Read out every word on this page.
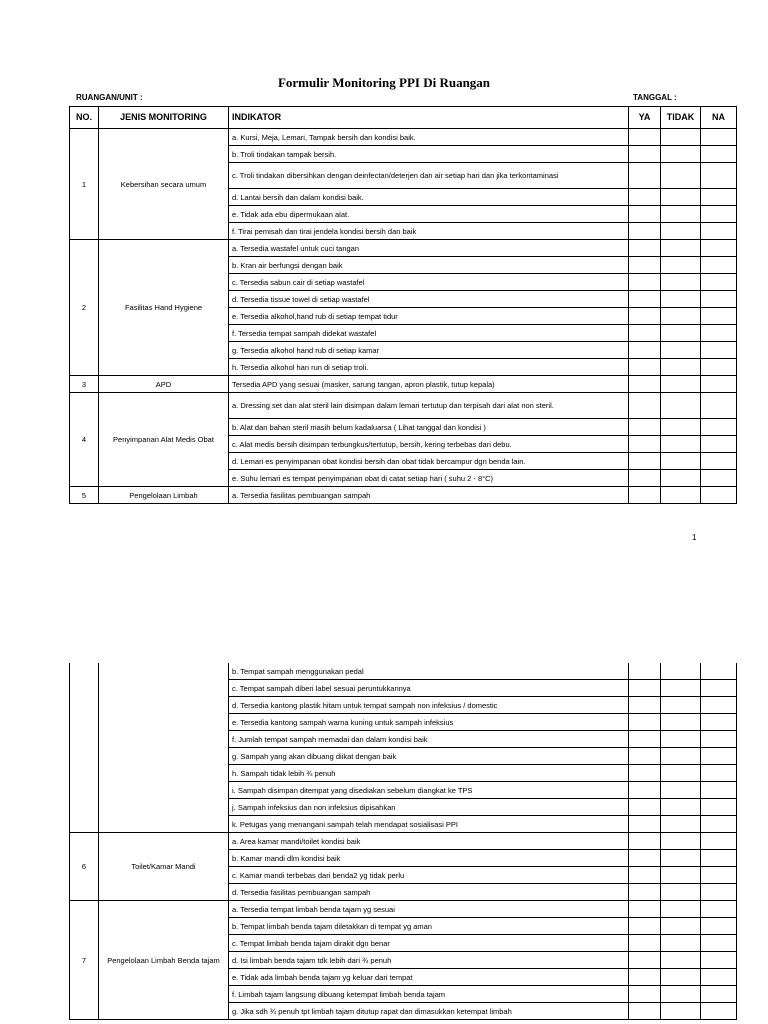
Formulir Monitoring PPI Di Ruangan
RUANGAN/UNIT :	TANGGAL :
NO.	JENIS MONITORING	INDIKATOR	YA	TIDAK	NA
1	Kebersihan secara umum	a. Kursi, Meja, Lemari, Tampak bersih dan kondisi baik.			
		b. Troli tindakan tampak bersih.			
		c. Troli tindakan dibersihkan dengan deinfectan/deterjen dan air setiap hari dan jika terkontaminasi			
		d. Lantai bersih dan dalam kondisi baik.			
		e. Tidak ada ebu dipermukaan alat.			
		f. Tirai pemisah dan tirai jendela kondisi bersih dan baik			
2	Fasilitas Hand Hygiene	a. Tersedia wastafel untuk cuci tangan			
		b. Kran air berfungsi dengan baik			
		c. Tersedia sabun cair di setiap wastafel			
		d. Tersedia tissue towel di setiap wastafel			
		e. Tersedia alkohol,hand rub di setiap tempat tidur			
		f. Tersedia tempat sampah didekat wastafel			
		g. Tersedia alkohol hand rub di setiap kamar			
		h. Tersedia alkohol han run di setiap troli.			
3	APD	Tersedia APD yang sesuai (masker, sarung tangan, apron plastik, tutup kepala)			
4	Penyimpanan Alat Medis Obat	a. Dressing set dan alat steril lain disimpan dalam lemari tertutup dan terpisah dari alat non steril.			
		b. Alat dan bahan steril masih belum kadaluarsa ( Lihat tanggal dan kondisi )			
		c. Alat medis bersih disimpan terbungkus/tertutup, bersih, kering terbebas dari debu.			
		d. Lemari es penyimpanan obat kondisi bersih dan obat tidak bercampur dgn benda lain.			
		e. Suhu lemari es tempat penyimpanan obat di catat setiap hari ( suhu 2 - 8°C)			
5	Pengelolaan Limbah	a. Tersedia fasilitas pembuangan sampah			
1
		b. Tempat sampah menggunakan pedal			
		c. Tempat sampah diberi label sesuai peruntukkannya			
		d. Tersedia kantong plastik hitam untuk tempat sampah non infeksius / domestic			
		e. Tersedia kantong sampah warna kuning untuk sampah infeksius			
		f. Jumlah tempat sampah memadai dan dalam kondisi baik			
		g. Sampah yang akan dibuang diikat dengan baik			
		h. Sampah tidak lebih ¾ penuh			
		i. Sampah disimpan ditempat yang disediakan sebelum diangkat ke TPS			
		j. Sampah infeksius dan non infeksius dipisahkan			
		k. Petugas yang menangani sampah telah mendapat sosialisasi PPI			
6	Toilet/Kamar Mandi	a. Area kamar mandi/toilet kondisi baik			
		b. Kamar mandi dlm kondisi baik			
		c. Kamar mandi terbebas dari benda2 yg tidak perlu			
		d. Tersedia fasilitas pembuangan sampah			
7	Pengelolaan Limbah Benda tajam	a. Tersedia tempat limbah benda tajam yg sesuai			
		b. Tempat limbah benda tajam diletakkan di tempat yg aman			
		c. Tempat limbah benda tajam dirakit dgn benar			
		d. Isi limbah benda tajam tdk lebih dari ¾ penuh			
		e. Tidak ada limbah benda tajam yg keluar dari tempat			
		f. Limbah tajam langsung dibuang ketempat limbah benda tajam			
		g. Jika sdh ¾ penuh tpt limbah tajam ditutup rapat dan dimasukkan ketempat limbah			
